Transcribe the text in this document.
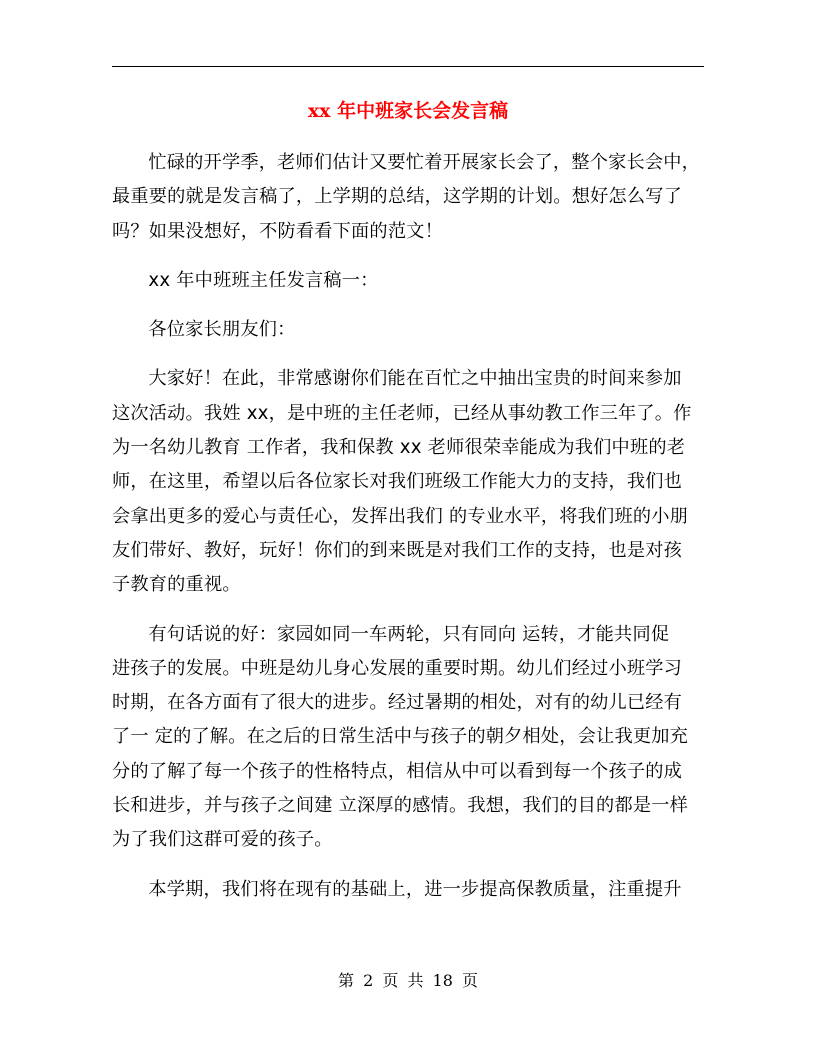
xx 年中班家长会发言稿
忙碌的开学季，老师们估计又要忙着开展家长会了，整个家长会中，
最重要的就是发言稿了，上学期的总结，这学期的计划。想好怎么写了
吗？如果没想好，不防看看下面的范文！
xx 年中班班主任发言稿一：
各位家长朋友们：
大家好！在此，非常感谢你们能在百忙之中抽出宝贵的时间来参加
这次活动。我姓 xx，是中班的主任老师，已经从事幼教工作三年了。作
为一名幼儿教育 工作者，我和保教 xx 老师很荣幸能成为我们中班的老
师，在这里，希望以后各位家长对我们班级工作能大力的支持，我们也
会拿出更多的爱心与责任心，发挥出我们 的专业水平，将我们班的小朋
友们带好、教好，玩好！你们的到来既是对我们工作的支持，也是对孩
子教育的重视。
有句话说的好：家园如同一车两轮，只有同向 运转，才能共同促
进孩子的发展。中班是幼儿身心发展的重要时期。幼儿们经过小班学习
时期，在各方面有了很大的进步。经过暑期的相处，对有的幼儿已经有
了一 定的了解。在之后的日常生活中与孩子的朝夕相处，会让我更加充
分的了解了每一个孩子的性格特点，相信从中可以看到每一个孩子的成
长和进步，并与孩子之间建 立深厚的感情。我想，我们的目的都是一样
为了我们这群可爱的孩子。
本学期，我们将在现有的基础上，进一步提高保教质量，注重提升
第 2 页 共 18 页
